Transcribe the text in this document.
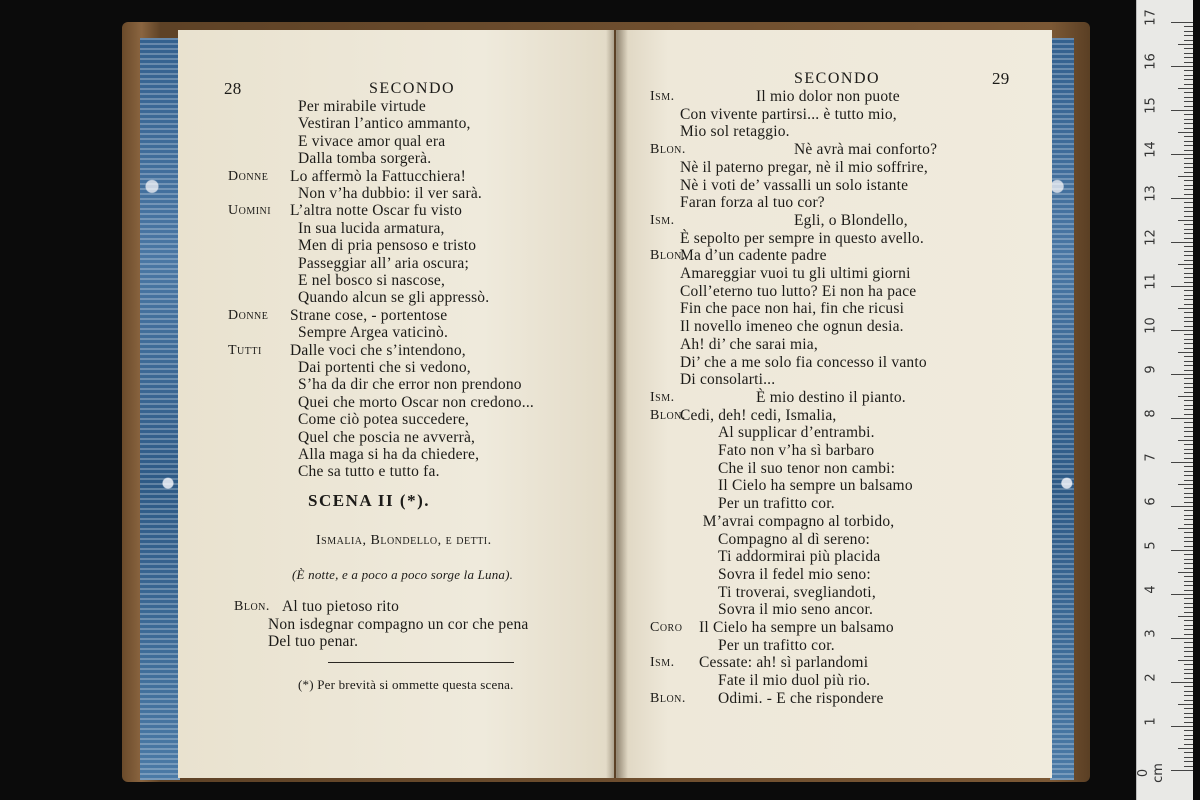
28	SECONDO
Per mirabile virtude
Vestiran l’antico ammanto,
E vivace amor qual era
Dalla tomba sorgerà.
Donne Lo affermò la Fattucchiera!
Non v’ha dubbio: il ver sarà.
Uomini L’altra notte Oscar fu visto
In sua lucida armatura,
Men di pria pensoso e tristo
Passeggiar all’ aria oscura;
E nel bosco si nascose,
Quando alcun se gli appressò.
Donne Strane cose, - portentose
Sempre Argea vaticinò.
Tutti Dalle voci che s’intendono,
Dai portenti che si vedono,
S’ha da dir che error non prendono
Quei che morto Oscar non credono...
Come ciò potea succedere,
Quel che poscia ne avverrà,
Alla maga si ha da chiedere,
Che sa tutto e tutto fa.
SCENA II (*).
Ismalia, Blondello, e detti.
(È notte, e a poco a poco sorge la Luna).
Blon. Al tuo pietoso rito
Non isdegnar compagno un cor che pena
Del tuo penar.
(*) Per brevità si ommette questa scena.
SECONDO	29
Ism.	Il mio dolor non puote
Con vivente partirsi... è tutto mio,
Mio sol retaggio.
Blon.	Nè avrà mai conforto?
Nè il paterno pregar, nè il mio soffrire,
Nè i voti de’ vassalli un solo istante
Faran forza al tuo cor?
Ism.	Egli, o Blondello,
È sepolto per sempre in questo avello.
Blon.
Ma d’un cadente padre
Amareggiar vuoi tu gli ultimi giorni
Coll’eterno tuo lutto? Ei non ha pace
Fin che pace non hai, fin che ricusi
Il novello imeneo che ognun desia.
Ah! di’ che sarai mia,
Di’ che a me solo fia concesso il vanto
Di consolarti...
Ism.	È mio destino il pianto.
Blon.
Cedi, deh! cedi, Ismalia,
Al supplicar d’entrambi.
Fato non v’ha sì barbaro
Che il suo tenor non cambi:
Il Cielo ha sempre un balsamo
Per un trafitto cor.
M’avrai compagno al torbido,
Compagno al dì sereno:
Ti addormirai più placida
Sovra il fedel mio seno:
Ti troverai, svegliandoti,
Sovra il mio seno ancor.
Coro Il Cielo ha sempre un balsamo
Per un trafitto cor.
Ism. Cessate: ah! sì parlandomi
Fate il mio duol più rio.
Blon. Odimi. - E che rispondere
0 cm
1
2
3
4
5
6
7
8
9
10
11
12
13
14
15
16
17
